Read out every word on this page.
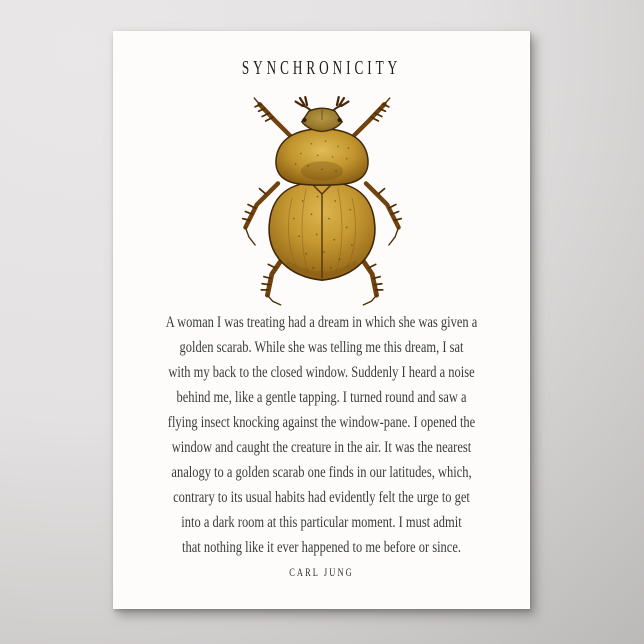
SYNCHRONICITY
A woman I was treating had a dream in which she was given a
golden scarab. While she was telling me this dream, I sat
with my back to the closed window. Suddenly I heard a noise
behind me, like a gentle tapping. I turned round and saw a
flying insect knocking against the window-pane. I opened the
window and caught the creature in the air. It was the nearest
analogy to a golden scarab one finds in our latitudes, which,
contrary to its usual habits had evidently felt the urge to get
into a dark room at this particular moment. I must admit
that nothing like it ever happened to me before or since.
CARL JUNG
